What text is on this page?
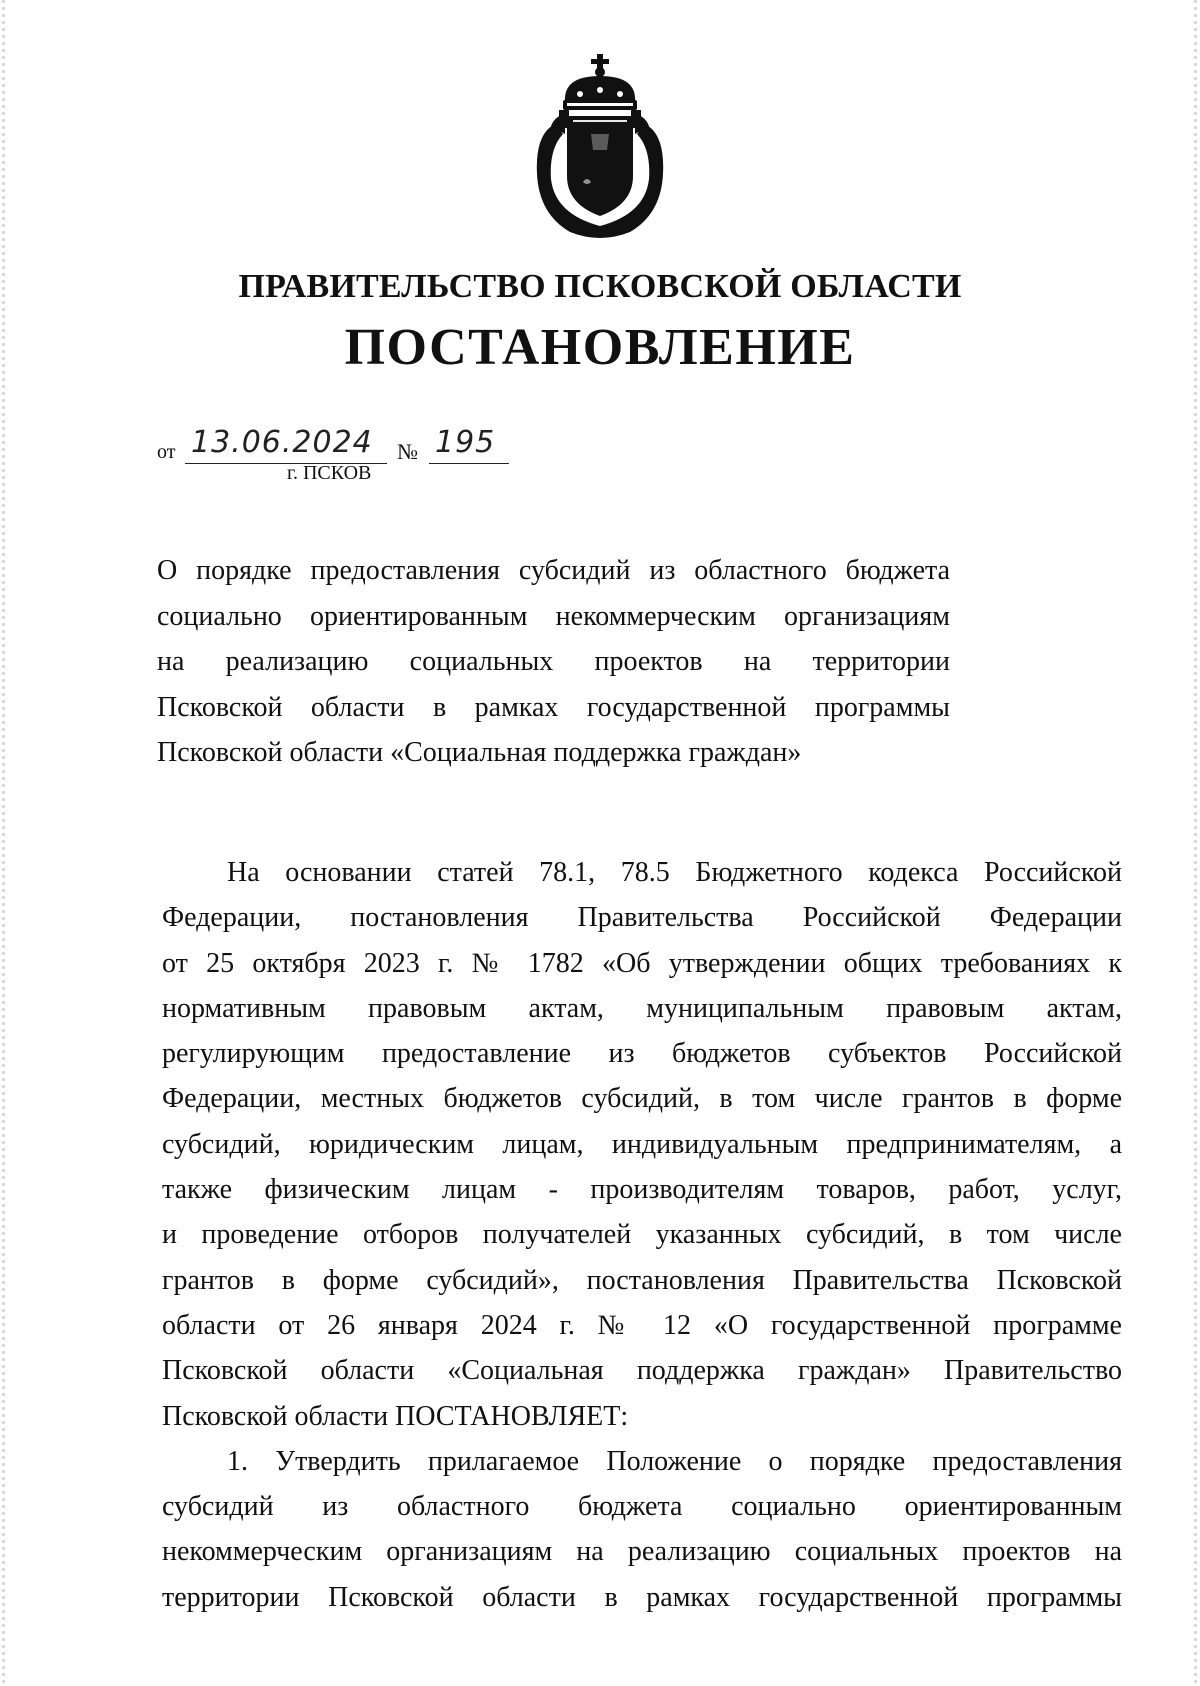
ПРАВИТЕЛЬСТВО ПСКОВСКОЙ ОБЛАСТИ
ПОСТАНОВЛЕНИЕ
от 13.06.2024 № 195
г. ПСКОВ
О порядке предоставления субсидий из областного бюджета
социально ориентированным некоммерческим организациям
на реализацию социальных проектов на территории
Псковской области в рамках государственной программы
Псковской области «Социальная поддержка граждан»
На основании статей 78.1, 78.5 Бюджетного кодекса Российской
Федерации, постановления Правительства Российской Федерации
от 25 октября 2023 г. № 1782 «Об утверждении общих требованиях к
нормативным правовым актам, муниципальным правовым актам,
регулирующим предоставление из бюджетов субъектов Российской
Федерации, местных бюджетов субсидий, в том числе грантов в форме
субсидий, юридическим лицам, индивидуальным предпринимателям, а
также физическим лицам - производителям товаров, работ, услуг,
и проведение отборов получателей указанных субсидий, в том числе
грантов в форме субсидий», постановления Правительства Псковской
области от 26 января 2024 г. № 12 «О государственной программе
Псковской области «Социальная поддержка граждан» Правительство
Псковской области ПОСТАНОВЛЯЕТ:
1. Утвердить прилагаемое Положение о порядке предоставления
субсидий из областного бюджета социально ориентированным
некоммерческим организациям на реализацию социальных проектов на
территории Псковской области в рамках государственной программы
